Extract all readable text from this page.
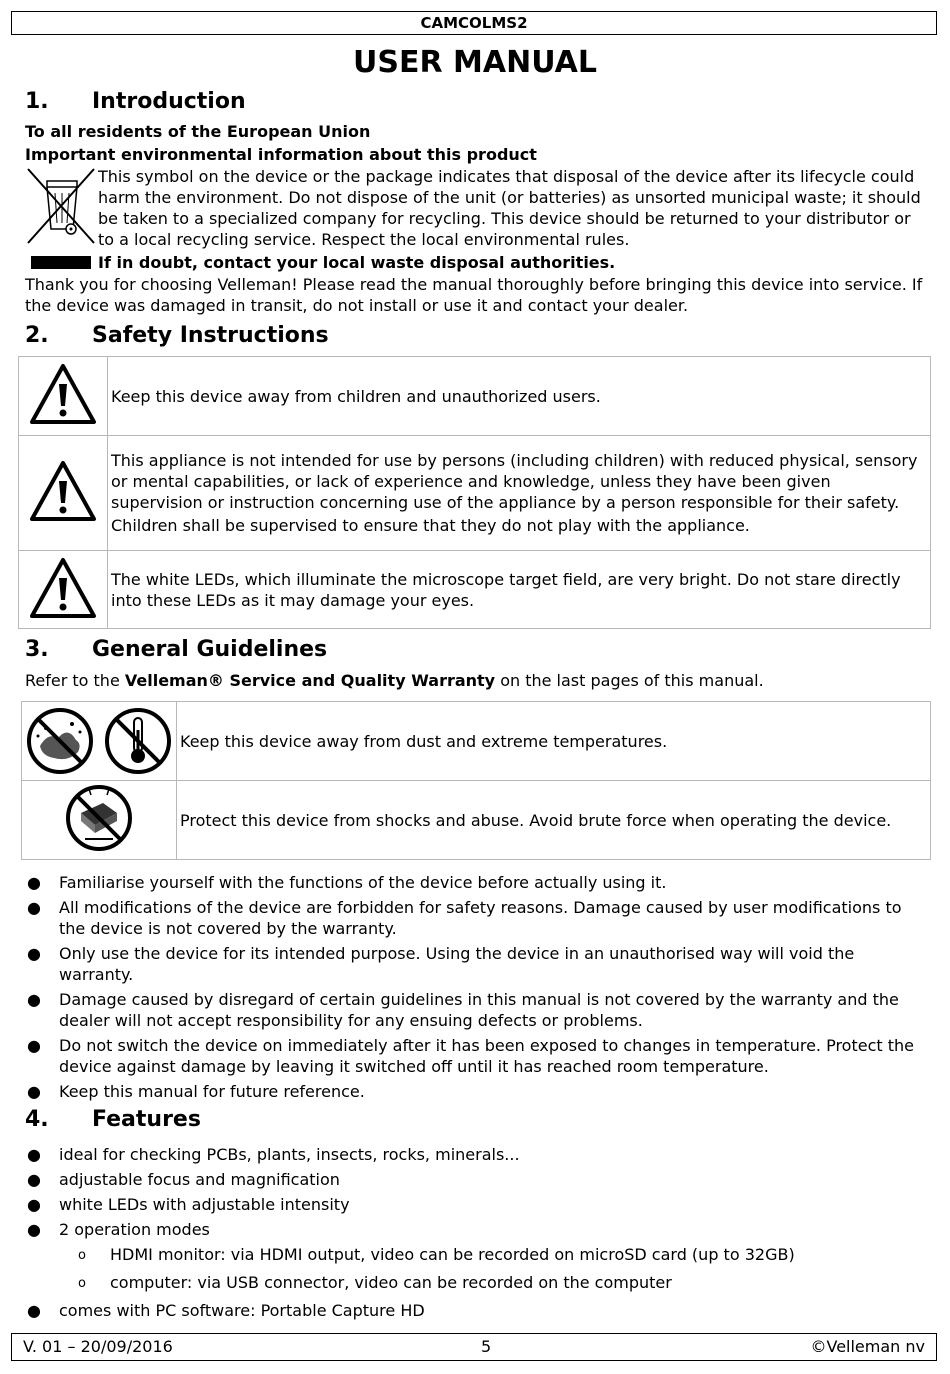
CAMCOLMS2
USER MANUAL
1. Introduction
To all residents of the European Union
Important environmental information about this product
This symbol on the device or the package indicates that disposal of the device after its lifecycle could harm the environment. Do not dispose of the unit (or batteries) as unsorted municipal waste; it should be taken to a specialized company for recycling. This device should be returned to your distributor or to a local recycling service. Respect the local environmental rules.
If in doubt, contact your local waste disposal authorities.
Thank you for choosing Velleman! Please read the manual thoroughly before bringing this device into service. If the device was damaged in transit, do not install or use it and contact your dealer.
2. Safety Instructions
	Keep this device away from children and unauthorized users.

This appliance is not intended for use by persons (including children) with reduced physical, sensory or mental capabilities, or lack of experience and knowledge, unless they have been given supervision or instruction concerning use of the appliance by a person responsible for their safety.
Children shall be supervised to ensure that they do not play with the appliance.

	The white LEDs, which illuminate the microscope target field, are very bright. Do not stare directly into these LEDs as it may damage your eyes.
3. General Guidelines
Refer to the Velleman® Service and Quality Warranty on the last pages of this manual.
	Keep this device away from dust and extreme temperatures.
	Protect this device from shocks and abuse. Avoid brute force when operating the device.
● Familiarise yourself with the functions of the device before actually using it.
● All modifications of the device are forbidden for safety reasons. Damage caused by user modifications to the device is not covered by the warranty.
● Only use the device for its intended purpose. Using the device in an unauthorised way will void the warranty.
● Damage caused by disregard of certain guidelines in this manual is not covered by the warranty and the dealer will not accept responsibility for any ensuing defects or problems.
● Do not switch the device on immediately after it has been exposed to changes in temperature. Protect the device against damage by leaving it switched off until it has reached room temperature.
● Keep this manual for future reference.
4. Features
● ideal for checking PCBs, plants, insects, rocks, minerals...
● adjustable focus and magnification
● white LEDs with adjustable intensity
● 2 operation modes
o HDMI monitor: via HDMI output, video can be recorded on microSD card (up to 32GB)
o computer: via USB connector, video can be recorded on the computer
● comes with PC software: Portable Capture HD
V. 01 – 20/09/2016	5	©Velleman nv
